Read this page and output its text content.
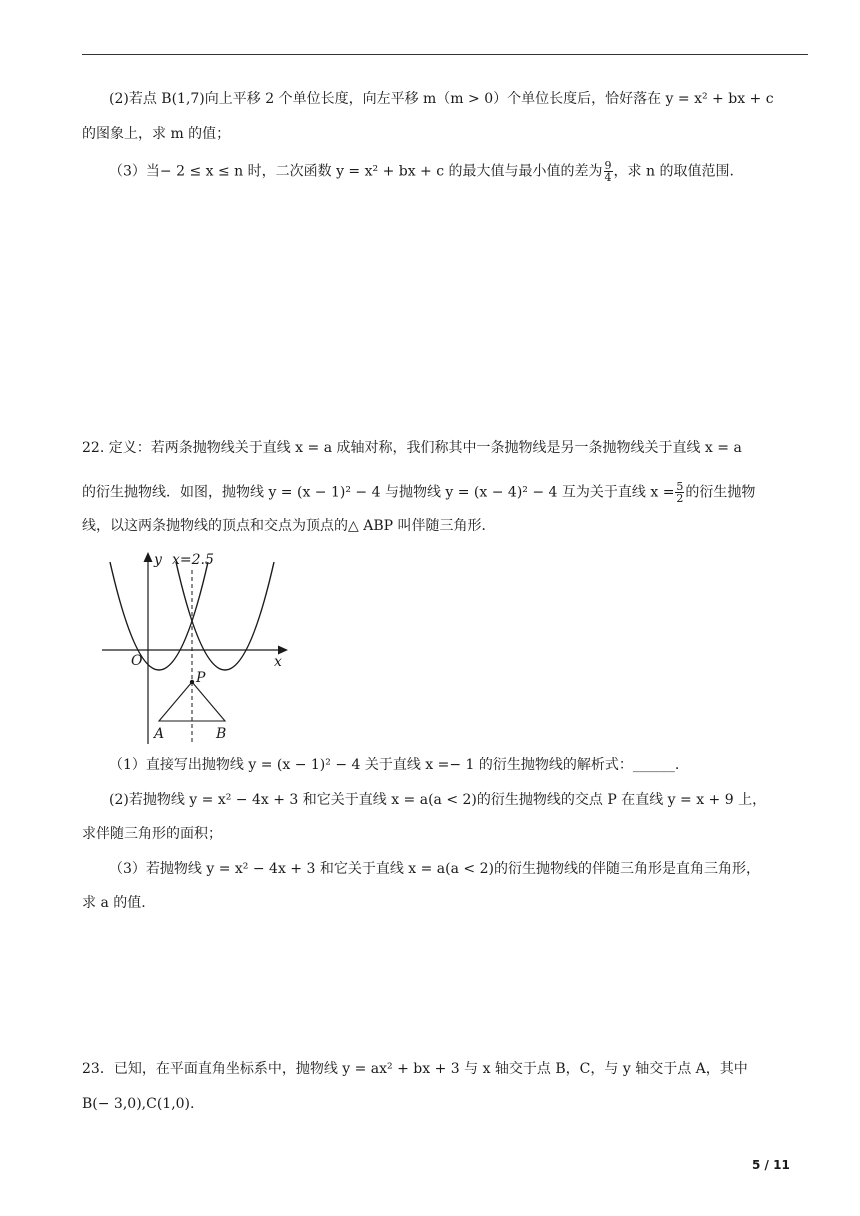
(2)若点 B(1,7)向上平移 2 个单位长度，向左平移 m（m > 0）个单位长度后，恰好落在 y = x² + bx + c
的图象上，求 m 的值；
（3）当− 2 ≤ x ≤ n 时，二次函数 y = x² + bx + c 的最大值与最小值的差为 $\frac{9}{4}$ ，求 n 的取值范围.
22. 定义：若两条抛物线关于直线 x = a 成轴对称，我们称其中一条抛物线是另一条抛物线关于直线 x = a
的衍生抛物线．如图，抛物线 y = (x − 1)² − 4 与抛物线 y = (x − 4)² − 4 互为关于直线 $x = \frac{5}{2}$ 的衍生抛物
线，以这两条抛物线的顶点和交点为顶点的△ ABP 叫伴随三角形．
y x=2.5
x
O
P
A	B
（1）直接写出抛物线 y = (x − 1)² − 4 关于直线 x =− 1 的衍生抛物线的解析式：______.
(2)若抛物线 y = x² − 4x + 3 和它关于直线 x = a(a < 2)的衍生抛物线的交点 P 在直线 y = x + 9 上，
求伴随三角形的面积；
（3）若抛物线 y = x² − 4x + 3 和它关于直线 x = a(a < 2)的衍生抛物线的伴随三角形是直角三角形，
求 a 的值.
23．已知，在平面直角坐标系中，抛物线 y = ax² + bx + 3 与 x 轴交于点 B，C，与 y 轴交于点 A，其中
B(− 3,0),C(1,0).
5 / 11
